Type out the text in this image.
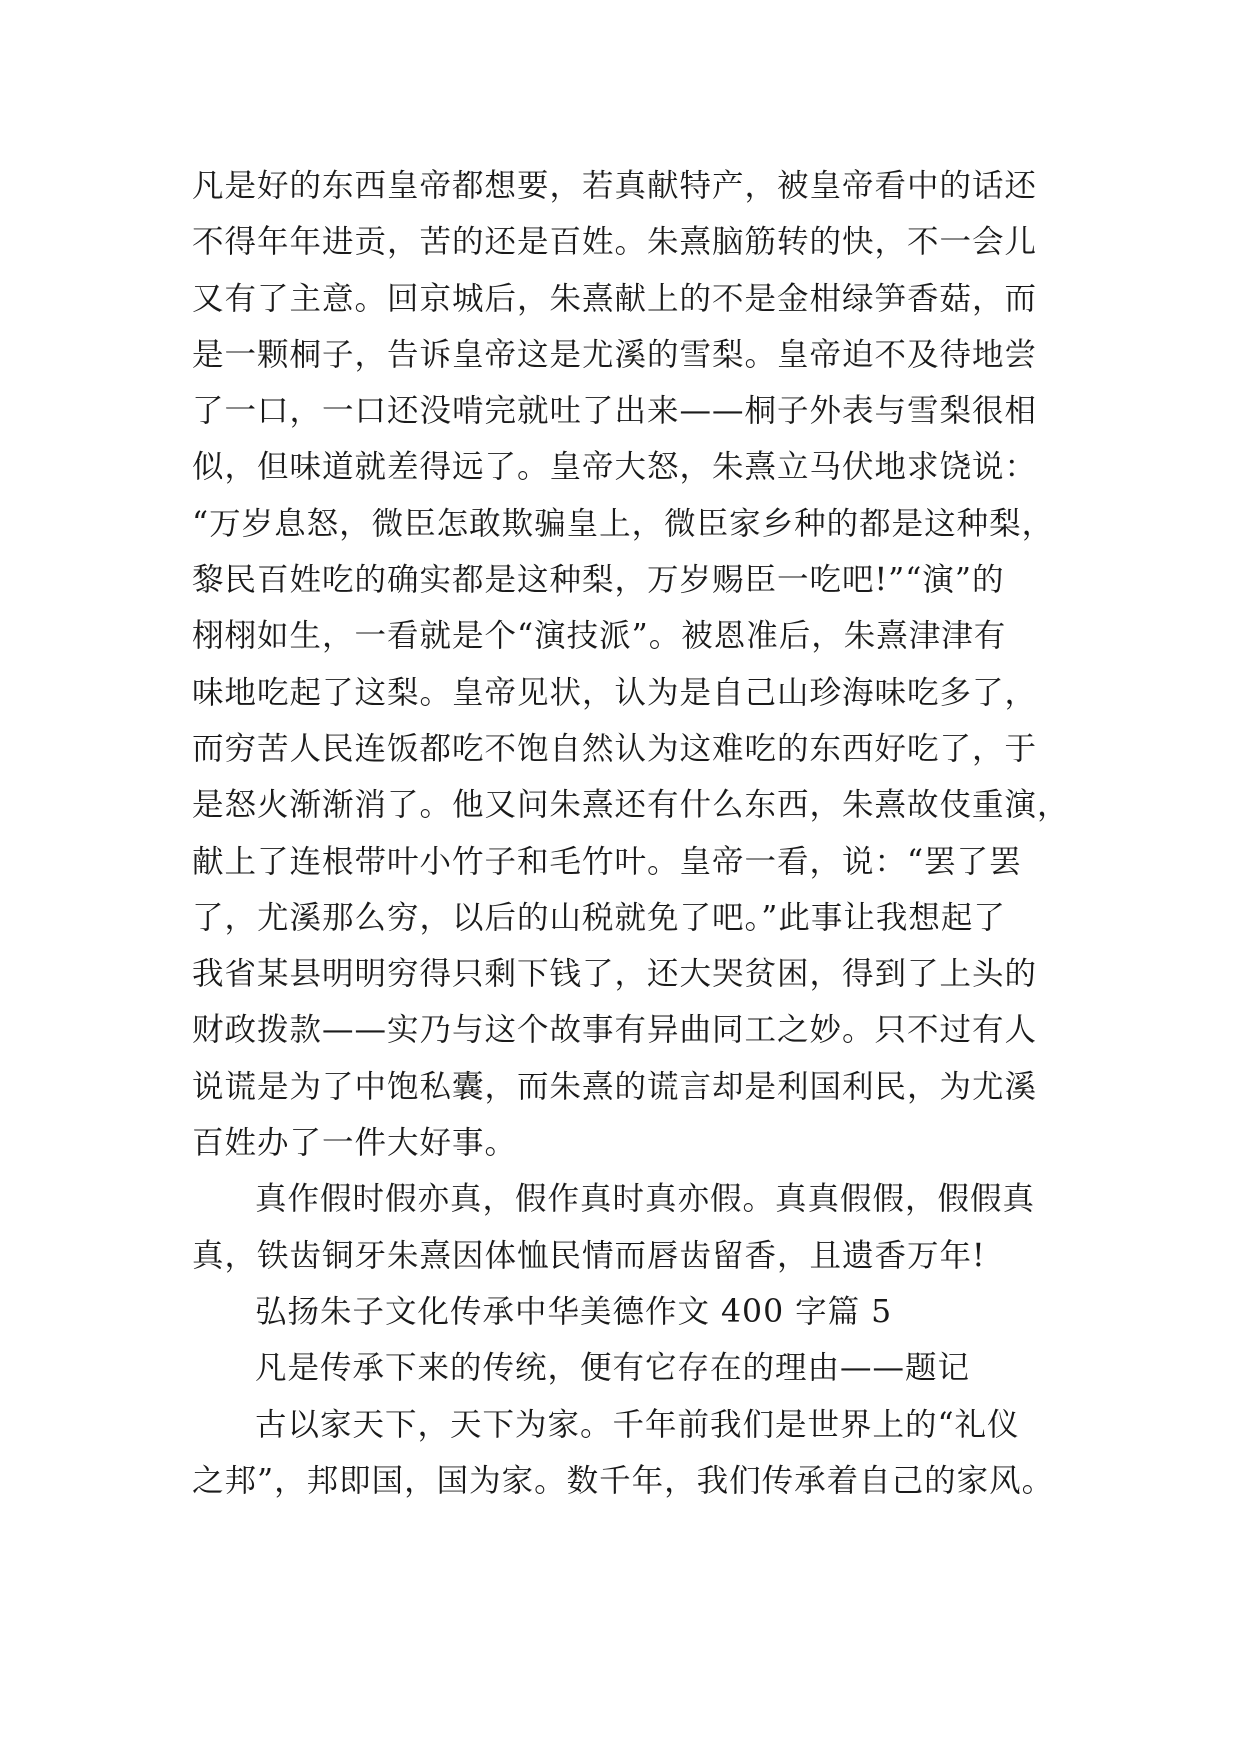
凡是好的东西皇帝都想要，若真献特产，被皇帝看中的话还
不得年年进贡，苦的还是百姓。朱熹脑筋转的快，不一会儿
又有了主意。回京城后，朱熹献上的不是金柑绿笋香菇，而
是一颗桐子，告诉皇帝这是尤溪的雪梨。皇帝迫不及待地尝
了一口，一口还没啃完就吐了出来——桐子外表与雪梨很相
似，但味道就差得远了。皇帝大怒，朱熹立马伏地求饶说：
“万岁息怒，微臣怎敢欺骗皇上，微臣家乡种的都是这种梨，
黎民百姓吃的确实都是这种梨，万岁赐臣一吃吧!”“演”的
栩栩如生，一看就是个“演技派”。被恩准后，朱熹津津有
味地吃起了这梨。皇帝见状，认为是自己山珍海味吃多了，
而穷苦人民连饭都吃不饱自然认为这难吃的东西好吃了，于
是怒火渐渐消了。他又问朱熹还有什么东西，朱熹故伎重演，
献上了连根带叶小竹子和毛竹叶。皇帝一看，说：“罢了罢
了，尤溪那么穷，以后的山税就免了吧。”此事让我想起了
我省某县明明穷得只剩下钱了，还大哭贫困，得到了上头的
财政拨款——实乃与这个故事有异曲同工之妙。只不过有人
说谎是为了中饱私囊，而朱熹的谎言却是利国利民，为尤溪
百姓办了一件大好事。
真作假时假亦真，假作真时真亦假。真真假假，假假真
真，铁齿铜牙朱熹因体恤民情而唇齿留香，且遗香万年!
弘扬朱子文化传承中华美德作文 400 字篇 5
凡是传承下来的传统，便有它存在的理由——题记
古以家天下，天下为家。千年前我们是世界上的“礼仪
之邦”，邦即国，国为家。数千年，我们传承着自己的家风。
